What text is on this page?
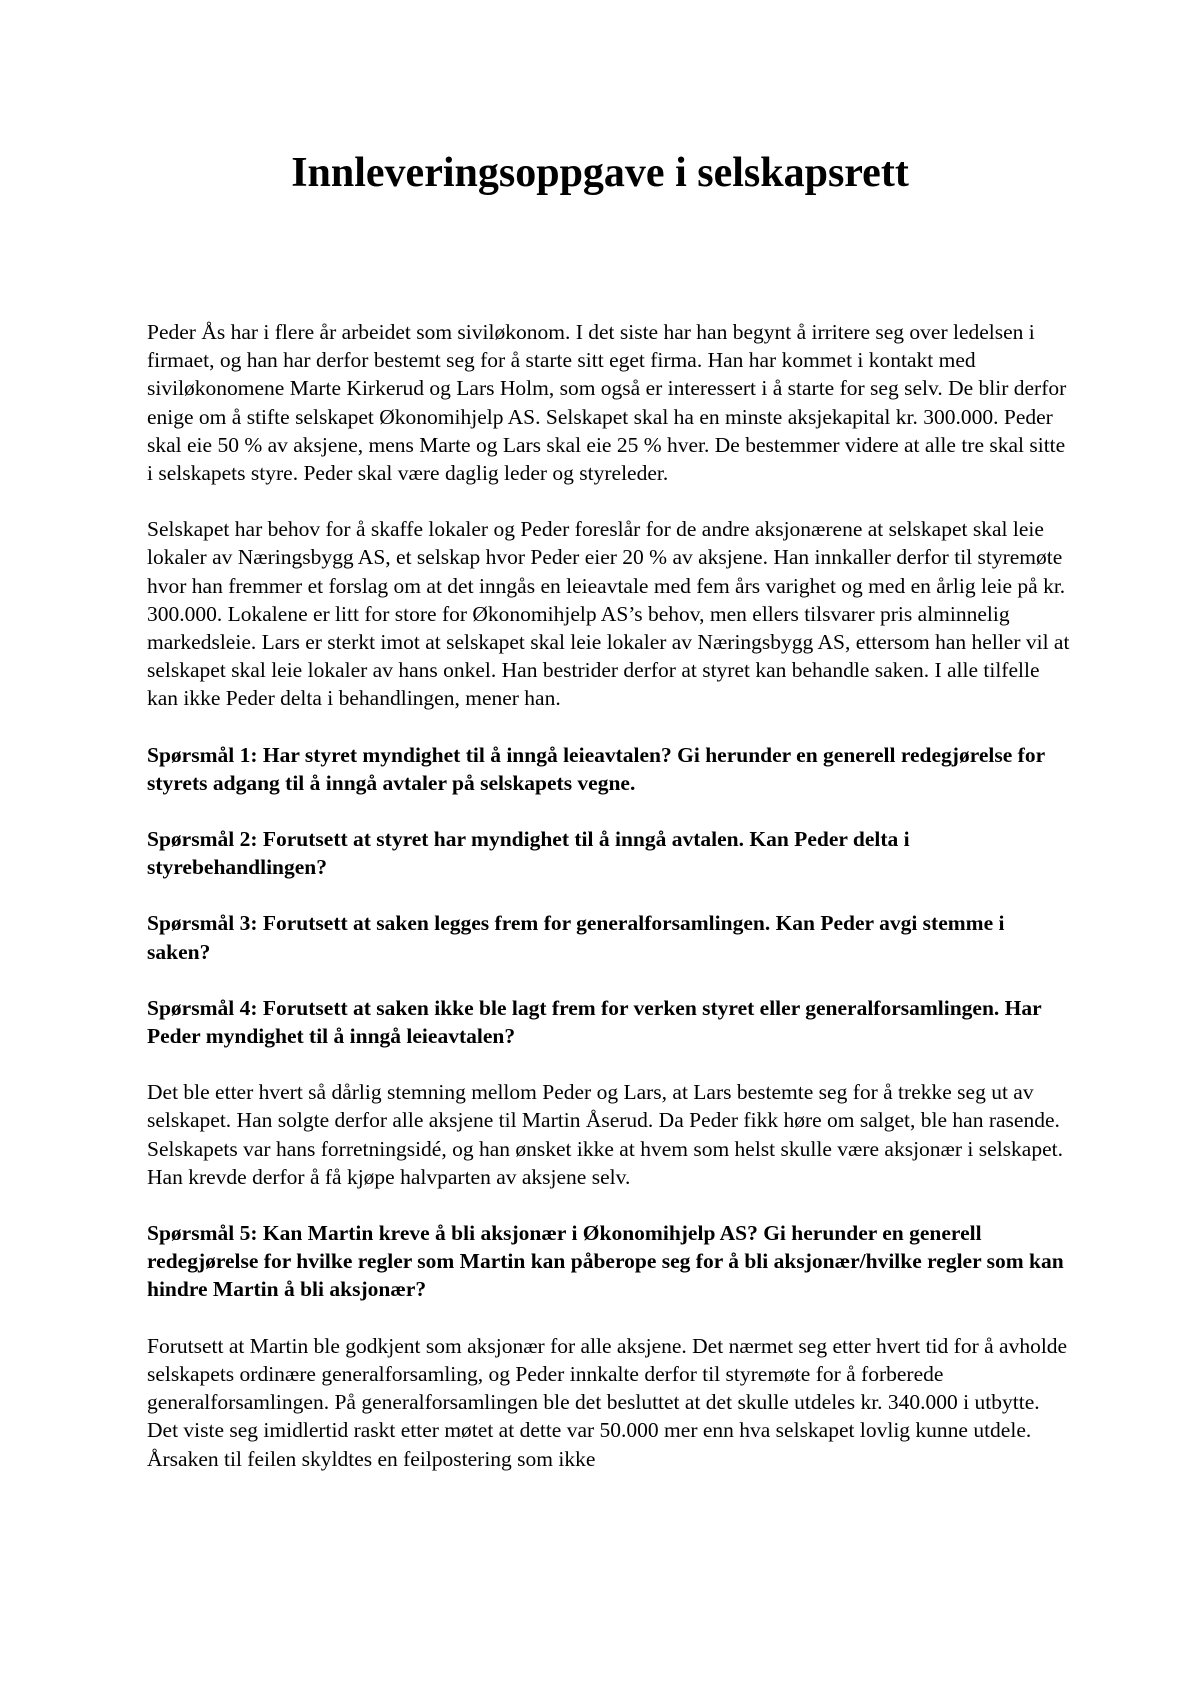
Innleveringsoppgave i selskapsrett

Peder Ås har i flere år arbeidet som siviløkonom. I det siste har han begynt å irritere seg over ledelsen i firmaet, og han har derfor bestemt seg for å starte sitt eget firma. Han har kommet i kontakt med siviløkonomene Marte Kirkerud og Lars Holm, som også er interessert i å starte for seg selv. De blir derfor enige om å stifte selskapet Økonomihjelp AS. Selskapet skal ha en minste aksjekapital kr. 300.000. Peder skal eie 50 % av aksjene, mens Marte og Lars skal eie 25 % hver. De bestemmer videre at alle tre skal sitte i selskapets styre. Peder skal være daglig leder og styreleder.

Selskapet har behov for å skaffe lokaler og Peder foreslår for de andre aksjonærene at selskapet skal leie lokaler av Næringsbygg AS, et selskap hvor Peder eier 20 % av aksjene. Han innkaller derfor til styremøte hvor han fremmer et forslag om at det inngås en leieavtale med fem års varighet og med en årlig leie på kr. 300.000. Lokalene er litt for store for Økonomihjelp AS’s behov, men ellers tilsvarer pris alminnelig markedsleie. Lars er sterkt imot at selskapet skal leie lokaler av Næringsbygg AS, ettersom han heller vil at selskapet skal leie lokaler av hans onkel. Han bestrider derfor at styret kan behandle saken. I alle tilfelle kan ikke Peder delta i behandlingen, mener han.

Spørsmål 1: Har styret myndighet til å inngå leieavtalen? Gi herunder en generell redegjørelse for styrets adgang til å inngå avtaler på selskapets vegne.

Spørsmål 2: Forutsett at styret har myndighet til å inngå avtalen. Kan Peder delta i styrebehandlingen?

Spørsmål 3: Forutsett at saken legges frem for generalforsamlingen. Kan Peder avgi stemme i saken?

Spørsmål 4: Forutsett at saken ikke ble lagt frem for verken styret eller generalforsamlingen. Har Peder myndighet til å inngå leieavtalen?

Det ble etter hvert så dårlig stemning mellom Peder og Lars, at Lars bestemte seg for å trekke seg ut av selskapet. Han solgte derfor alle aksjene til Martin Åserud. Da Peder fikk høre om salget, ble han rasende. Selskapets var hans forretningsidé, og han ønsket ikke at hvem som helst skulle være aksjonær i selskapet. Han krevde derfor å få kjøpe halvparten av aksjene selv.

Spørsmål 5: Kan Martin kreve å bli aksjonær i Økonomihjelp AS? Gi herunder en generell redegjørelse for hvilke regler som Martin kan påberope seg for å bli aksjonær/hvilke regler som kan hindre Martin å bli aksjonær?

Forutsett at Martin ble godkjent som aksjonær for alle aksjene. Det nærmet seg etter hvert tid for å avholde selskapets ordinære generalforsamling, og Peder innkalte derfor til styremøte for å forberede generalforsamlingen. På generalforsamlingen ble det besluttet at det skulle utdeles kr. 340.000 i utbytte. Det viste seg imidlertid raskt etter møtet at dette var 50.000 mer enn hva selskapet lovlig kunne utdele. Årsaken til feilen skyldtes en feilpostering som ikke
